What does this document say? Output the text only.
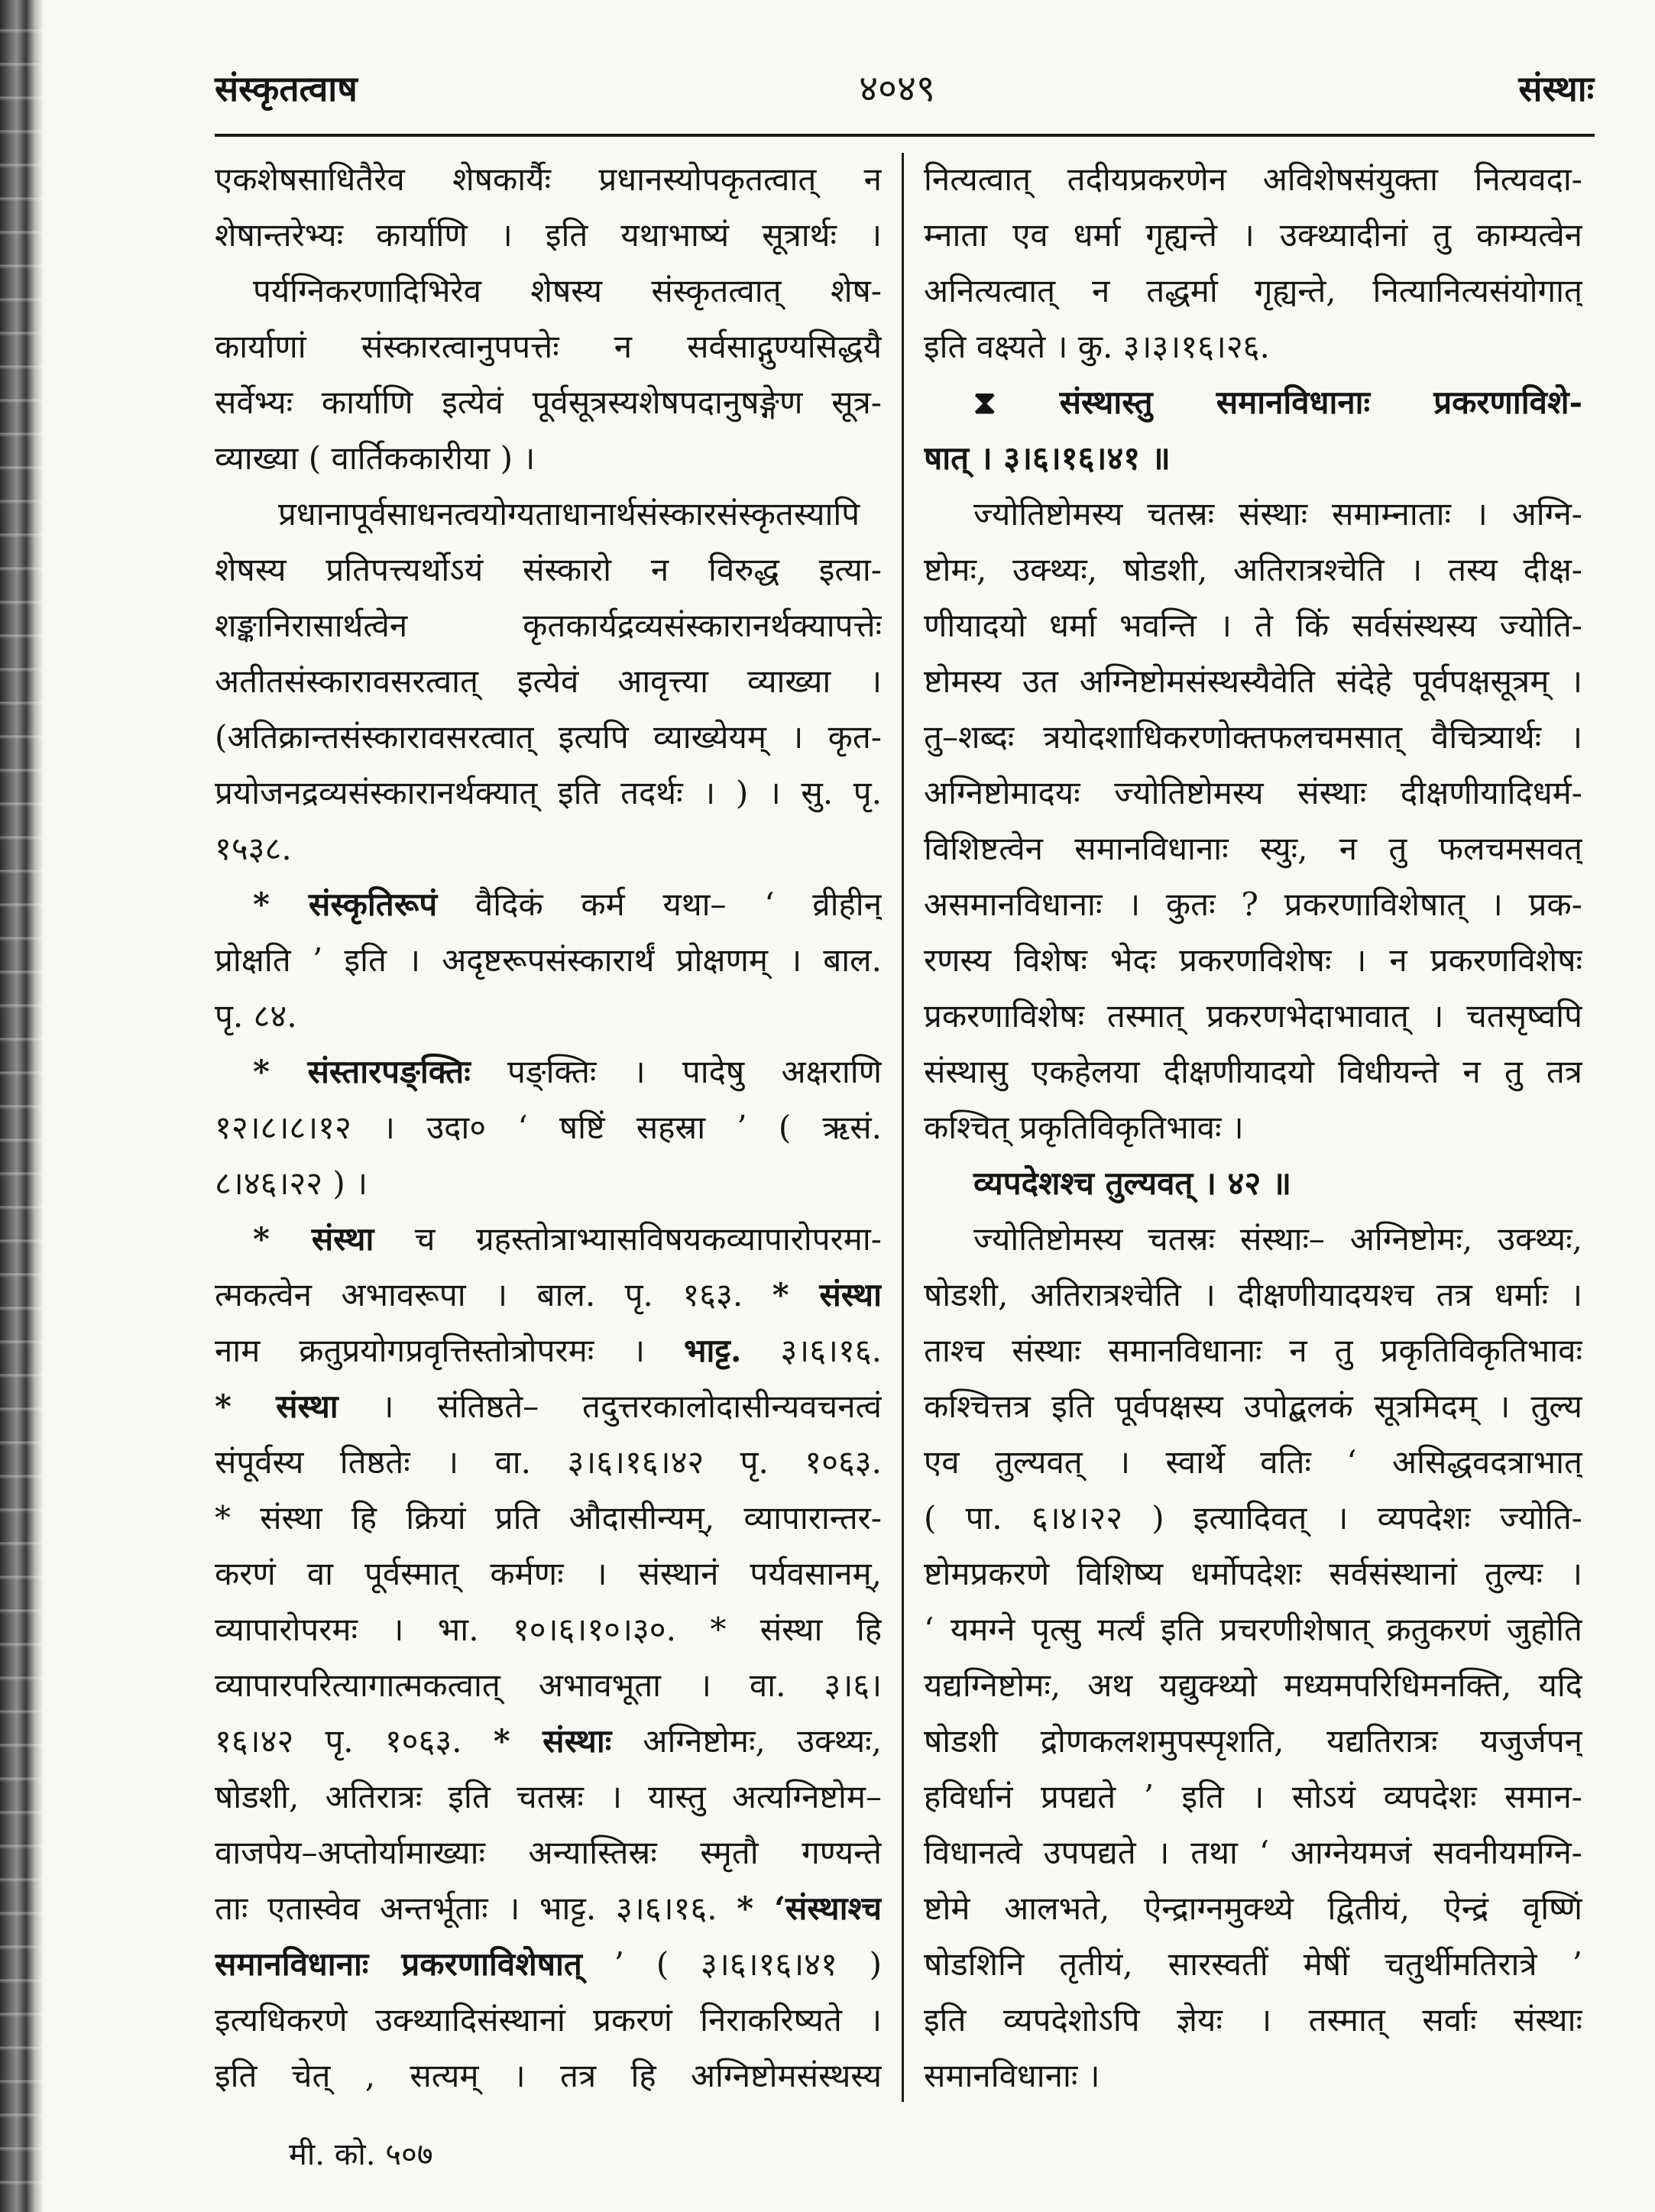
संस्कृतत्वाष	४०४९	संस्थाः
एकशेषसाधितैरेव शेषकार्यैः प्रधानस्योपकृतत्वात् न
शेषान्तरेभ्यः कार्याणि । इति यथाभाष्यं सूत्रार्थः ।
पर्यग्निकरणादिभिरेव शेषस्य संस्कृतत्वात् शेष-
कार्याणां संस्कारत्वानुपपत्तेः न सर्वसाद्गुण्यसिद्धयै
सर्वेभ्यः कार्याणि इत्येवं पूर्वसूत्रस्यशेषपदानुषङ्गेण सूत्र-
व्याख्या ( वार्तिककारीया ) ।
प्रधानापूर्वसाधनत्वयोग्यताधानार्थसंस्कारसंस्कृतस्यापि
शेषस्य प्रतिपत्त्यर्थोऽयं संस्कारो न विरुद्ध इत्या-
शङ्कानिरासार्थत्वेन कृतकार्यद्रव्यसंस्कारानर्थक्यापत्तेः
अतीतसंस्कारावसरत्वात् इत्येवं आवृत्त्या व्याख्या ।
(अतिक्रान्तसंस्कारावसरत्वात् इत्यपि व्याख्येयम् । कृत-
प्रयोजनद्रव्यसंस्कारानर्थक्यात् इति तदर्थः । ) । सु. पृ.
१५३८.
* संस्कृतिरूपं वैदिकं कर्म यथा– ‘ व्रीहीन्
प्रोक्षति ’ इति । अदृष्टरूपसंस्कारार्थं प्रोक्षणम् । बाल.
पृ. ८४.
* संस्तारपङ्क्तिः पङ्क्तिः । पादेषु अक्षराणि
१२।८।८।१२ । उदा० ‘ षष्टिं सहस्रा ’ ( ऋसं.
८।४६।२२ ) ।
* संस्था च ग्रहस्तोत्राभ्यासविषयकव्यापारोपरमा-
त्मकत्वेन अभावरूपा । बाल. पृ. १६३. * संस्था
नाम क्रतुप्रयोगप्रवृत्तिस्तोत्रोपरमः । भाट्ट. ३।६।१६.
* संस्था । संतिष्ठते– तदुत्तरकालोदासीन्यवचनत्वं
संपूर्वस्य तिष्ठतेः । वा. ३।६।१६।४२ पृ. १०६३.
* संस्था हि क्रियां प्रति औदासीन्यम्, व्यापारान्तर-
करणं वा पूर्वस्मात् कर्मणः । संस्थानं पर्यवसानम्,
व्यापारोपरमः । भा. १०।६।१०।३०. * संस्था हि
व्यापारपरित्यागात्मकत्वात् अभावभूता । वा. ३।६।
१६।४२ पृ. १०६३. * संस्थाः अग्निष्टोमः, उक्थ्यः,
षोडशी, अतिरात्रः इति चतस्रः । यास्तु अत्यग्निष्टोम–
वाजपेय–अप्तोर्यामाख्याः अन्यास्तिस्रः स्मृतौ गण्यन्ते
ताः एतास्वेव अन्तर्भूताः । भाट्ट. ३।६।१६. * ‘संस्थाश्च
समानविधानाः प्रकरणाविशेषात् ’ ( ३।६।१६।४१ )
इत्यधिकरणे उक्थ्यादिसंस्थानां प्रकरणं निराकरिष्यते ।
इति चेत् , सत्यम् । तत्र हि अग्निष्टोमसंस्थस्य
नित्यत्वात् तदीयप्रकरणेन अविशेषसंयुक्ता नित्यवदा-
म्नाता एव धर्मा गृह्यन्ते । उक्थ्यादीनां तु काम्यत्वेन
अनित्यत्वात् न तद्धर्मा गृह्यन्ते, नित्यानित्यसंयोगात्
इति वक्ष्यते । कु. ३।३।१६।२६.
⧗ संस्थास्तु समानविधानाः प्रकरणाविशे-
षात् । ३।६।१६।४१ ॥
ज्योतिष्टोमस्य चतस्रः संस्थाः समाम्नाताः । अग्नि-
ष्टोमः, उक्थ्यः, षोडशी, अतिरात्रश्चेति । तस्य दीक्ष-
णीयादयो धर्मा भवन्ति । ते किं सर्वसंस्थस्य ज्योति-
ष्टोमस्य उत अग्निष्टोमसंस्थस्यैवेति संदेहे पूर्वपक्षसूत्रम् ।
तु–शब्दः त्रयोदशाधिकरणोक्तफलचमसात् वैचित्र्यार्थः ।
अग्निष्टोमादयः ज्योतिष्टोमस्य संस्थाः दीक्षणीयादिधर्म-
विशिष्टत्वेन समानविधानाः स्युः, न तु फलचमसवत्
असमानविधानाः । कुतः ? प्रकरणाविशेषात् । प्रक-
रणस्य विशेषः भेदः प्रकरणविशेषः । न प्रकरणविशेषः
प्रकरणाविशेषः तस्मात् प्रकरणभेदाभावात् । चतसृष्वपि
संस्थासु एकहेलया दीक्षणीयादयो विधीयन्ते न तु तत्र
कश्चित् प्रकृतिविकृतिभावः ।
व्यपदेशश्च तुल्यवत् । ४२ ॥
ज्योतिष्टोमस्य चतस्रः संस्थाः– अग्निष्टोमः, उक्थ्यः,
षोडशी, अतिरात्रश्चेति । दीक्षणीयादयश्च तत्र धर्माः ।
ताश्च संस्थाः समानविधानाः न तु प्रकृतिविकृतिभावः
कश्चित्तत्र इति पूर्वपक्षस्य उपोद्बलकं सूत्रमिदम् । तुल्य
एव तुल्यवत् । स्वार्थे वतिः ‘ असिद्धवदत्राभात्
( पा. ६।४।२२ ) इत्यादिवत् । व्यपदेशः ज्योति-
ष्टोमप्रकरणे विशिष्य धर्मोपदेशः सर्वसंस्थानां तुल्यः ।
‘ यमग्ने पृत्सु मर्त्यं इति प्रचरणीशेषात् क्रतुकरणं जुहोति
यद्यग्निष्टोमः, अथ यद्युक्थ्यो मध्यमपरिधिमनक्ति, यदि
षोडशी द्रोणकलशमुपस्पृशति, यद्यतिरात्रः यजुर्जपन्
हविर्धानं प्रपद्यते ’ इति । सोऽयं व्यपदेशः समान-
विधानत्वे उपपद्यते । तथा ‘ आग्नेयमजं सवनीयमग्नि-
ष्टोमे आलभते, ऐन्द्राग्नमुक्थ्ये द्वितीयं, ऐन्द्रं वृष्णिं
षोडशिनि तृतीयं, सारस्वतीं मेषीं चतुर्थीमतिरात्रे ’
इति व्यपदेशोऽपि ज्ञेयः । तस्मात् सर्वाः संस्थाः
समानविधानाः ।
मी. को. ५०७
